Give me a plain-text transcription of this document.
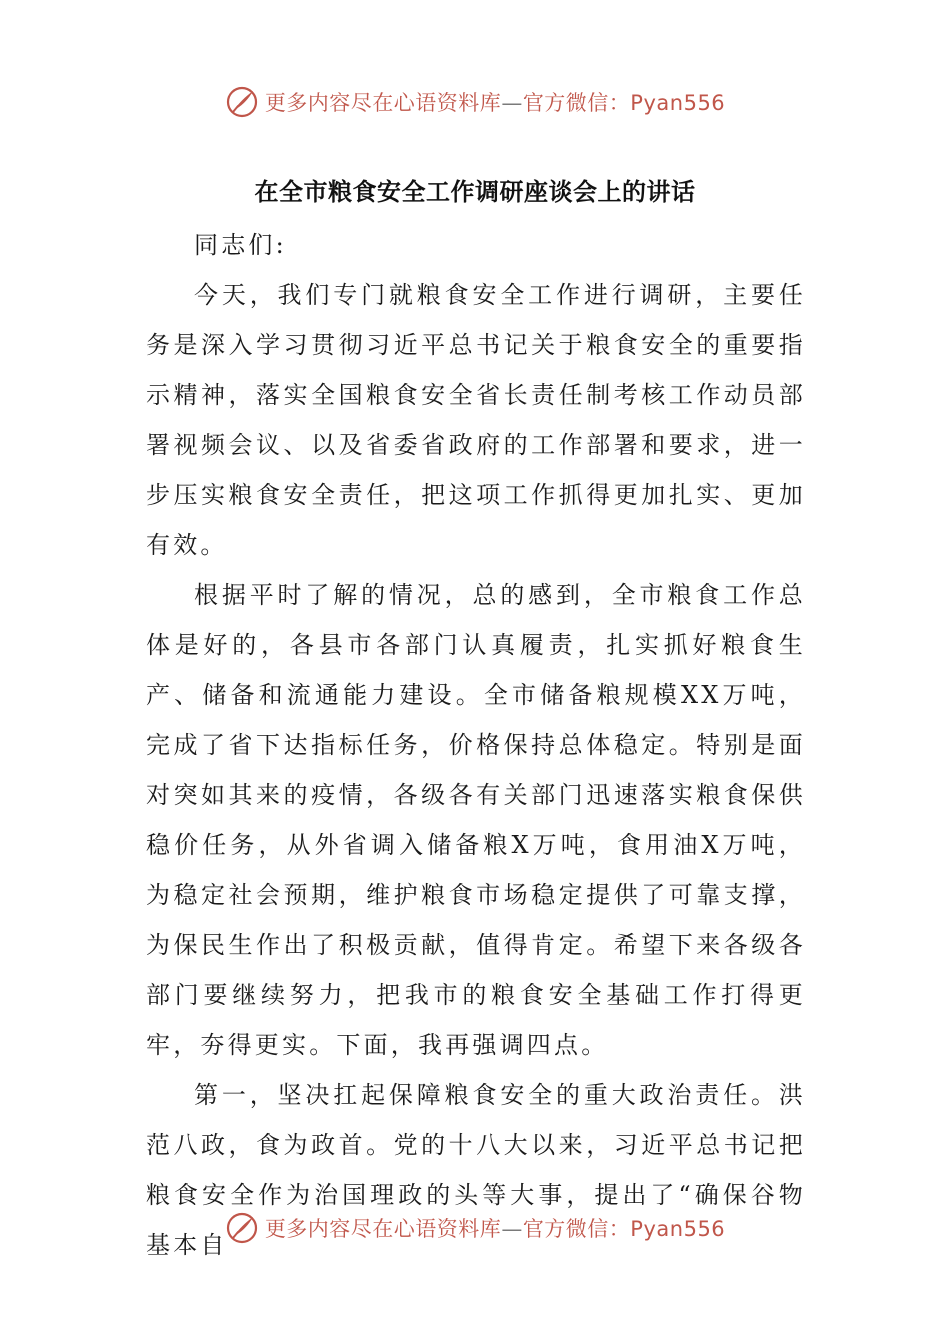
更多内容尽在心语资料库—官方微信：Pyan556
在全市粮食安全工作调研座谈会上的讲话

同志们:

今天，我们专门就粮食安全工作进行调研，主要任务是深入学习贯彻习近平总书记关于粮食安全的重要指示精神，落实全国粮食安全省长责任制考核工作动员部署视频会议、以及省委省政府的工作部署和要求，进一步压实粮食安全责任，把这项工作抓得更加扎实、更加有效。

根据平时了解的情况，总的感到，全市粮食工作总体是好的，各县市各部门认真履责，扎实抓好粮食生产、储备和流通能力建设。全市储备粮规模XX万吨，完成了省下达指标任务，价格保持总体稳定。特别是面对突如其来的疫情，各级各有关部门迅速落实粮食保供稳价任务，从外省调入储备粮X万吨，食用油X万吨，为稳定社会预期，维护粮食市场稳定提供了可靠支撑，为保民生作出了积极贡献，值得肯定。希望下来各级各部门要继续努力，把我市的粮食安全基础工作打得更牢，夯得更实。下面，我再强调四点。

第一，坚决扛起保障粮食安全的重大政治责任。洪范八政，食为政首。党的十八大以来，习近平总书记把粮食安全作为治国理政的头等大事，提出了“确保谷物基本自

更多内容尽在心语资料库—官方微信：Pyan556
